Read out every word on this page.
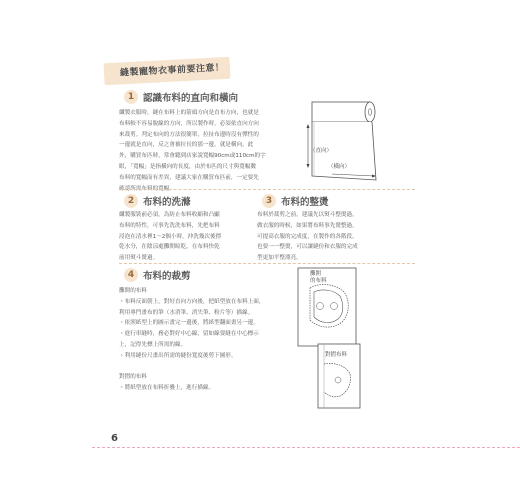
縫製寵物衣事前要注意！
1 認識布料的直向和橫向
纖製衣服時，縫在布料上的箭頭方向是直布方向，也就是
布料較不容易脫線的方向，所以製作時，必須依直向方向
來裁剪。判定布向的方法很簡單，拉扯布邊時沒有彈性的
一邊就是直向，反之會被拉長的那一邊，就是橫向。此
外，購買布匹時，常會聽到店家說寬幅90cm或110cm的字
眼，「寬幅」是指橫向的長度，由於布匹的尺寸與寬幅數
布料的寬幅而有差異，建議大家在購買布匹前，一定要先
確認所需布料的寬幅。
（直向）
（橫向）
2 布料的洗滌
纖製服裝前必須，為防止布料收縮和凸顯
布料的特性，可事先洗洗布料，先把布料
浸泡在清水裡1～2個小時，沖洗幾次後擰
乾水分，在陰涼處攤開晾乾，在布料快乾
前用熨斗燙過。
3 布料的整燙
布料於裁剪之前，建議先以熨斗整燙過，
做衣服的時候，如果將布料事先燙整過，
可提高衣服的完成度，在製作的各階段，
也要一一整燙，可以讓縫份和衣服的完成
型更加平整漂亮。
4 布料的裁剪
攤開的布料
・布料反面朝上，對好直向方向後，把紙型放在布料上面，
利用專門畫布的筆（水消筆、消失筆、粉片等）描線。
・依照紙型上的圖示畫完一邊後，將紙型翻面畫另一邊。
・進行車縫時，務必對好中心線，留如線要縫在中心標示
上，記得先標上所需的線。
・利用縫份尺畫出所需的縫份寬度後剪下圖形。

對摺的布料
・將紙型放在布料折疊上，進行描線。
攤開的布料
對摺布料
6
